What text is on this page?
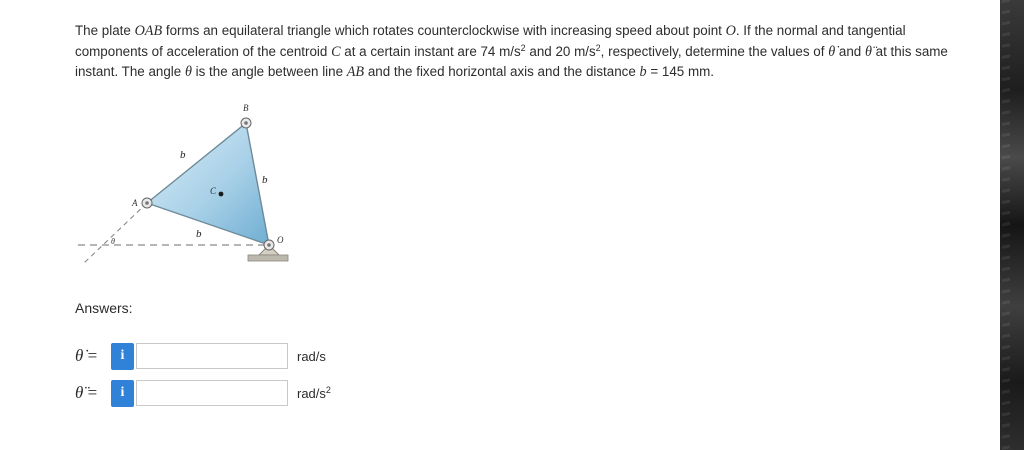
The plate OAB forms an equilateral triangle which rotates counterclockwise with increasing speed about point O. If the normal and tangential components of acceleration of the centroid C at a certain instant are 74 $m/s^2$ and 20 $m/s^2$, respectively, determine the values of θ̇ and θ̈ at this same instant. The angle θ is the angle between line AB and the fixed horizontal axis and the distance b = 145 mm.
B
A
O
C
b
b
b
θ
Answers:
θ̇ =	i	rad/s
θ̈ =	i	rad/$s^2$
